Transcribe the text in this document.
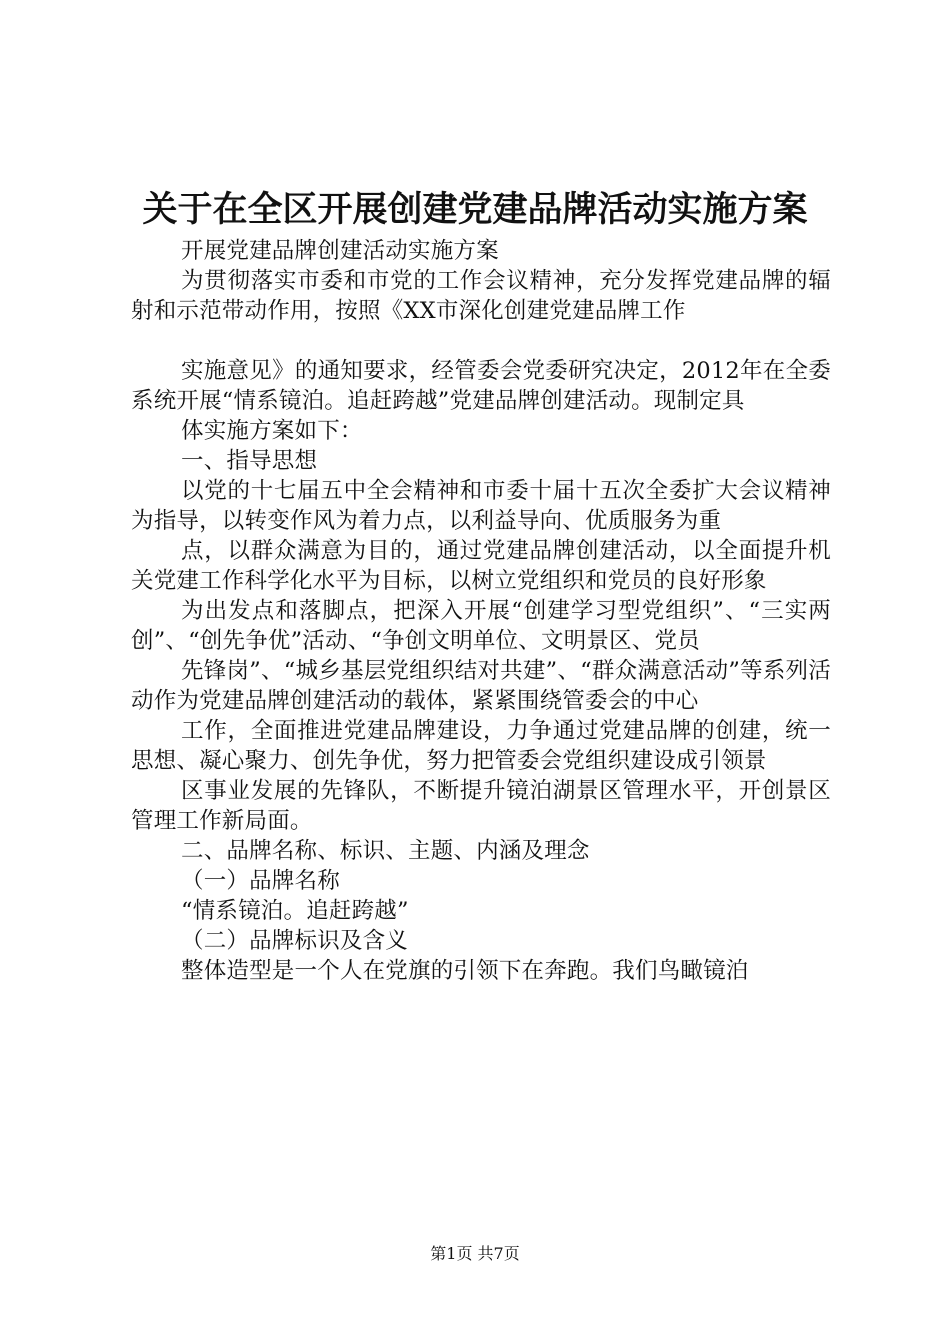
关于在全区开展创建党建品牌活动实施方案

开展党建品牌创建活动实施方案

为贯彻落实市委和市党的工作会议精神，充分发挥党建品牌的辐射和示范带动作用，按照《XX市深化创建党建品牌工作

实施意见》的通知要求，经管委会党委研究决定，2012年在全委系统开展“情系镜泊。追赶跨越”党建品牌创建活动。现制定具

体实施方案如下：

一、指导思想

以党的十七届五中全会精神和市委十届十五次全委扩大会议精神为指导，以转变作风为着力点，以利益导向、优质服务为重

点，以群众满意为目的，通过党建品牌创建活动，以全面提升机关党建工作科学化水平为目标，以树立党组织和党员的良好形象

为出发点和落脚点，把深入开展“创建学习型党组织”、“三实两创”、“创先争优”活动、“争创文明单位、文明景区、党员

先锋岗”、“城乡基层党组织结对共建”、“群众满意活动”等系列活动作为党建品牌创建活动的载体，紧紧围绕管委会的中心

工作，全面推进党建品牌建设，力争通过党建品牌的创建，统一思想、凝心聚力、创先争优，努力把管委会党组织建设成引领景

区事业发展的先锋队，不断提升镜泊湖景区管理水平，开创景区管理工作新局面。

二、品牌名称、标识、主题、内涵及理念

（一）品牌名称

“情系镜泊。追赶跨越”

（二）品牌标识及含义

整体造型是一个人在党旗的引领下在奔跑。我们鸟瞰镜泊

第1页 共7页
